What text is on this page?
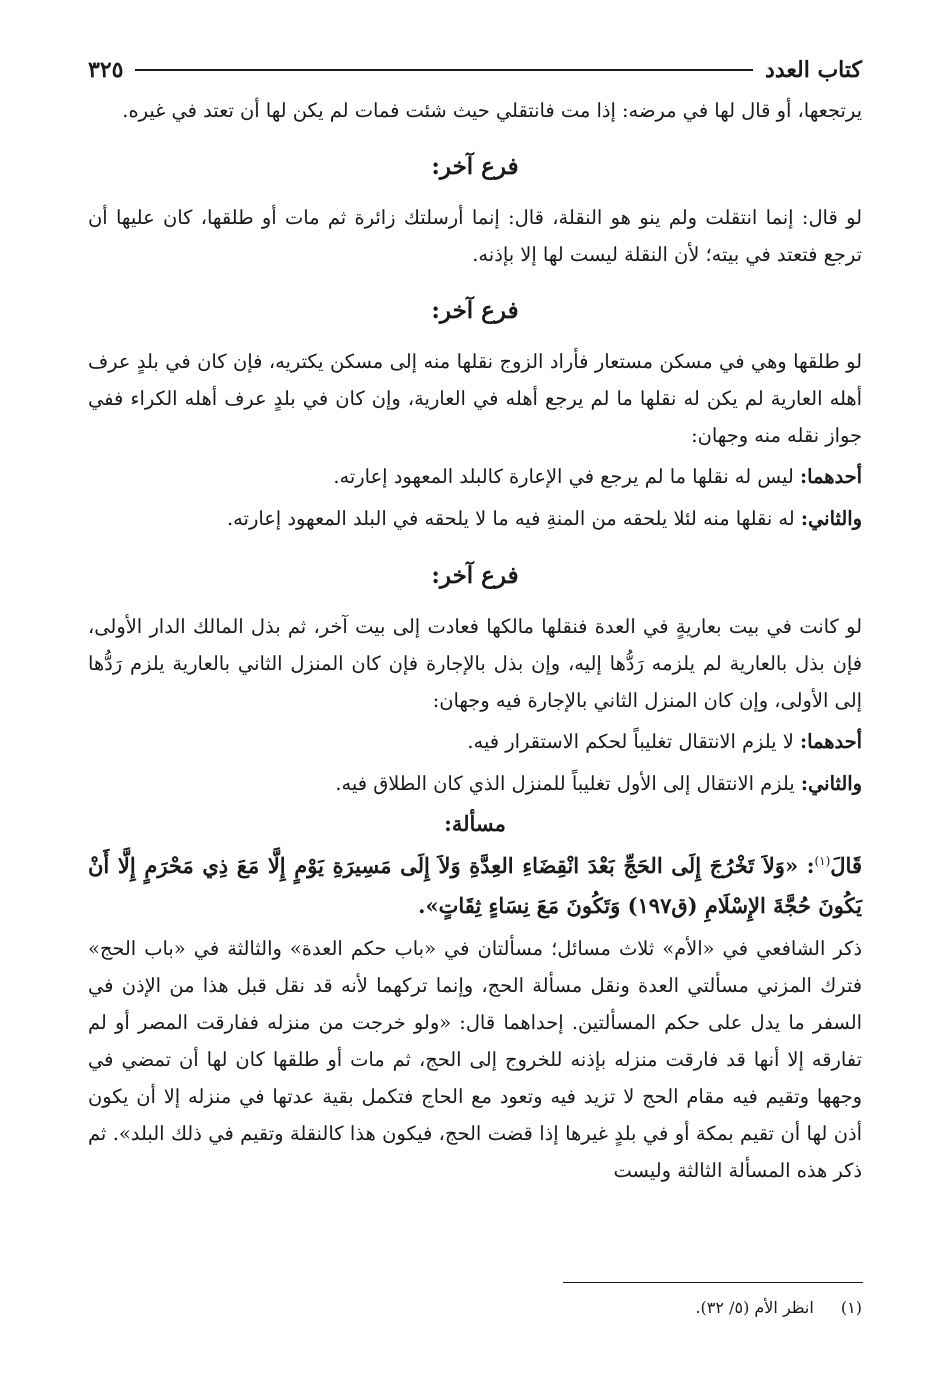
كتاب العدد
٣٢٥

يرتجعها، أو قال لها في مرضه: إذا مت فانتقلي حيث شئت فمات لم يكن لها أن تعتد في غيره.

فرع آخر:

لو قال: إنما انتقلت ولم ينو هو النقلة، قال: إنما أرسلتك زائرة ثم مات أو طلقها، كان عليها أن ترجع فتعتد في بيته؛ لأن النقلة ليست لها إلا بإذنه.

فرع آخر:

لو طلقها وهي في مسكن مستعار فأراد الزوج نقلها منه إلى مسكن يكتريه، فإن كان في بلدٍ عرف أهله العارية لم يكن له نقلها ما لم يرجع أهله في العارية، وإن كان في بلدٍ عرف أهله الكراء ففي جواز نقله منه وجهان:

أحدهما: ليس له نقلها ما لم يرجع في الإعارة كالبلد المعهود إعارته.
والثاني: له نقلها منه لئلا يلحقه من المنةِ فيه ما لا يلحقه في البلد المعهود إعارته.
فرع آخر:

لو كانت في بيت بعاريةٍ في العدة فنقلها مالكها فعادت إلى بيت آخر، ثم بذل المالك الدار الأولى، فإن بذل بالعارية لم يلزمه رَدُّها إليه، وإن بذل بالإجارة فإن كان المنزل الثاني بالعارية يلزم رَدُّها إلى الأولى، وإن كان المنزل الثاني بالإجارة فيه وجهان:

أحدهما: لا يلزم الانتقال تغليباً لحكم الاستقرار فيه.
والثاني: يلزم الانتقال إلى الأول تغليباً للمنزل الذي كان الطلاق فيه.
مسألة:

قَالَ$^{(١)}$: «وَلاَ تَخْرُجَ إِلَى الحَجِّ بَعْدَ انْقِضَاءِ العِدَّةِ وَلاَ إِلَى مَسِيرَةِ يَوْمٍ إِلَّا مَعَ ذِي مَحْرَمٍ إِلَّا أَنْ يَكُونَ حُجَّةَ الإِسْلَامِ (ق١٩٧) وَتَكُونَ مَعَ نِسَاءٍ ثِقَاتٍ».

ذكر الشافعي في «الأم» ثلاث مسائل؛ مسألتان في «باب حكم العدة» والثالثة في «باب الحج» فترك المزني مسألتي العدة ونقل مسألة الحج، وإنما تركهما لأنه قد نقل قبل هذا من الإذن في السفر ما يدل على حكم المسألتين. إحداهما قال: «ولو خرجت من منزله ففارقت المصر أو لم تفارقه إلا أنها قد فارقت منزله بإذنه للخروج إلى الحج، ثم مات أو طلقها كان لها أن تمضي في وجهها وتقيم فيه مقام الحج لا تزيد فيه وتعود مع الحاج فتكمل بقية عدتها في منزله إلا أن يكون أذن لها أن تقيم بمكة أو في بلدٍ غيرها إذا قضت الحج، فيكون هذا كالنقلة وتقيم في ذلك البلد». ثم ذكر هذه المسألة الثالثة وليست

(١) انظر الأم (٥/ ٣٢).
